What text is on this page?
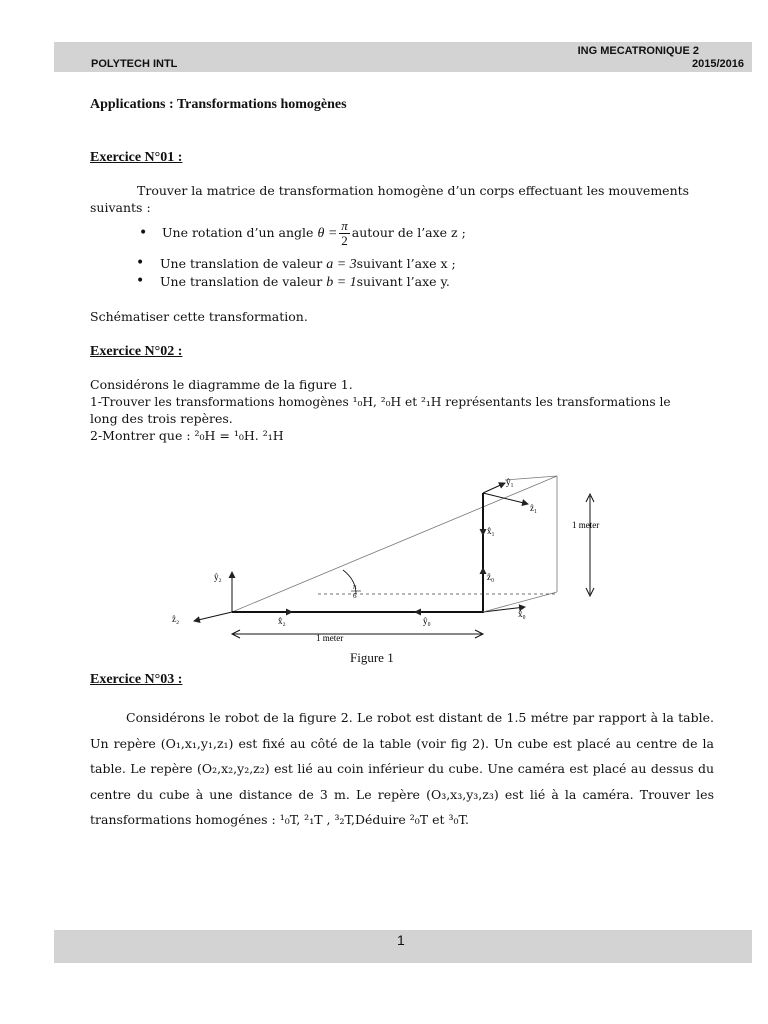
ING MECATRONIQUE 2
POLYTECH INTL	2015/2016
Applications : Transformations homogènes
Exercice N°01 :
Trouver la matrice de transformation homogène d’un corps effectuant les mouvements
suivants :
• Une rotation d’un angle $\theta = \frac{\pi}{2}$ autour de l’axe z ;
• Une translation de valeur a = 3suivant l’axe x ;
• Une translation de valeur b = 1suivant l’axe y.
Schématiser cette transformation.
Exercice N°02 :
Considérons le diagramme de la figure 1.
1-Trouver les transformations homogènes ¹₀H, ²₀H et ²₁H représentants les transformations le
long des trois repères.
2-Montrer que : ²₀H = ¹₀H. ²₁H
ŷ₁
ẑ₁
x̂₁
ẑ₀
1 meter
ŷ₂
ẑ₂	x̂₂	ŷ₀
x̂₀
1 meter
π
6
Figure 1
Exercice N°03 :
Considérons le robot de la figure 2. Le robot est distant de 1.5 métre par rapport à la table. Un repère (O₁,x₁,y₁,z₁) est fixé au côté de la table (voir fig 2). Un cube est placé au centre de la table. Le repère (O₂,x₂,y₂,z₂) est lié au coin inférieur du cube. Une caméra est placé au dessus du centre du cube à une distance de 3 m. Le repère (O₃,x₃,y₃,z₃) est lié à la caméra. Trouver les transformations homogénes : ¹₀T, ²₁T , ³₂T,Déduire ²₀T et ³₀T.
1
